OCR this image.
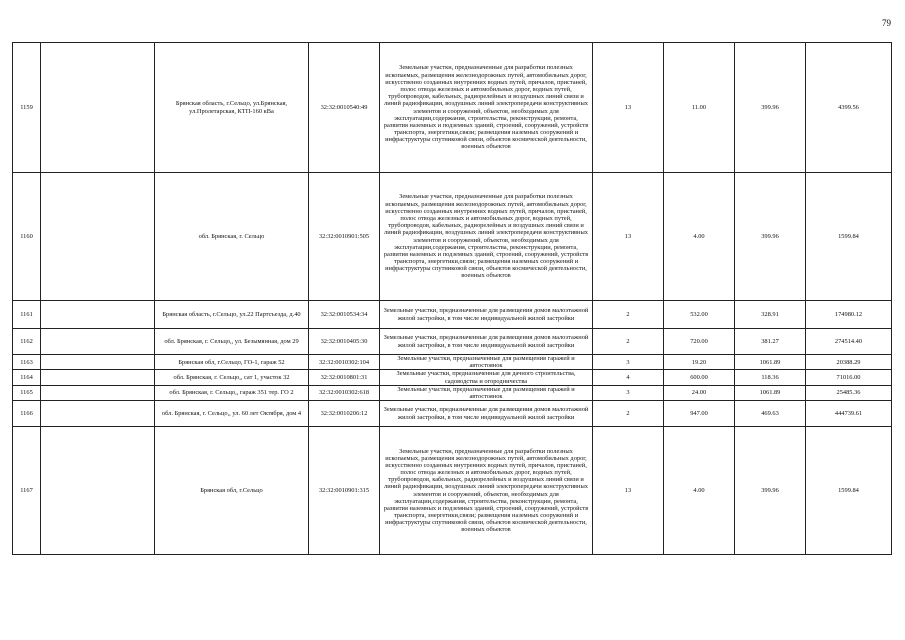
79
1159		Брянская область, г.Сельцо, ул.Брянская, ул.Пролетарская, КТП-160 кВа	32:32:0010540:49	Земельные участки, предназначенные для разработки полезных ископаемых, размещения железнодорожных путей, автомобильных дорог, искусственно созданных внутренних водных путей, причалов, пристаней, полос отвода железных и автомобильных дорог, водных путей, трубопроводов, кабельных, радиорелейных и воздушных линий связи и линий радиофикации, воздушных линий электропередачи конструктивных элементов и сооружений, объектов, необходимых для эксплуатации,содержания, строительства, реконструкции, ремонта, развития наземных и подземных зданий, строений, сооружений, устройств транспорта, энергетики,связи; размещения наземных сооружений и инфраструктуры спутниковой связи, объектов космической деятельности, военных объектов	13	11.00	399.96	4399.56
1160		обл. Брянская, г. Сельцо	32:32:0010901:505	Земельные участки, предназначенные для разработки полезных ископаемых, размещения железнодорожных путей, автомобильных дорог, искусственно созданных внутренних водных путей, причалов, пристаней, полос отвода железных и автомобильных дорог, водных путей, трубопроводов, кабельных, радиорелейных и воздушных линий связи и линий радиофикации, воздушных линий электропередачи конструктивных элементов и сооружений, объектов, необходимых для эксплуатации,содержания, строительства, реконструкции, ремонта, развития наземных и подземных зданий, строений, сооружений, устройств транспорта, энергетики,связи; размещения наземных сооружений и инфраструктуры спутниковой связи, объектов космической деятельности, военных объектов	13	4.00	399.96	1599.84
1161		Брянская область, г.Сельцо, ул.22 Партсъезда, д.40	32:32:0010534:34	Земельные участки, предназначенные для размещения домов малоэтажной жилой застройки, в том числе индивидуальной жилой застройки	2	532.00	328.91	174980.12
1162		обл. Брянская, г. Сельцо,, ул. Безымянная, дом 29	32:32:0010405:30	Земельные участки, предназначенные для размещения домов малоэтажной жилой застройки, в том числе индивидуальной жилой застройки	2	720.00	381.27	274514.40
1163		Брянская обл, г.Сельцо, ГО-1, гараж 52	32:32:0010302:104	Земельные участки, предназначенные для размещения гаражей и автостоянок	3	19.20	1061.89	20388.29
1164		обл. Брянская, г. Сельцо,, сат 1, участок 32	32:32:0010801:31	Земельные участки, предназначенные для дачного строительства, садоводства и огородничества	4	600.00	118.36	71016.00
1165		обл. Брянская, г. Сельцо,, гараж 351 тер. ГО 2	32:32:0010302:618	Земельные участки, предназначенные для размещения гаражей и автостоянок	3	24.00	1061.89	25485.36
1166		обл. Брянская, г. Сельцо,, ул. 60 лет Октября, дом 4	32:32:0010206:12	Земельные участки, предназначенные для размещения домов малоэтажной жилой застройки, в том числе индивидуальной жилой застройки	2	947.00	469.63	444739.61
1167		Брянская обл, г.Сельцо	32:32:0010901:315	Земельные участки, предназначенные для разработки полезных ископаемых, размещения железнодорожных путей, автомобильных дорог, искусственно созданных внутренних водных путей, причалов, пристаней, полос отвода железных и автомобильных дорог, водных путей, трубопроводов, кабельных, радиорелейных и воздушных линий связи и линий радиофикации, воздушных линий электропередачи конструктивных элементов и сооружений, объектов, необходимых для эксплуатации,содержания, строительства, реконструкции, ремонта, развития наземных и подземных зданий, строений, сооружений, устройств транспорта, энергетики,связи; размещения наземных сооружений и инфраструктуры спутниковой связи, объектов космической деятельности, военных объектов	13	4.00	399.96	1599.84
